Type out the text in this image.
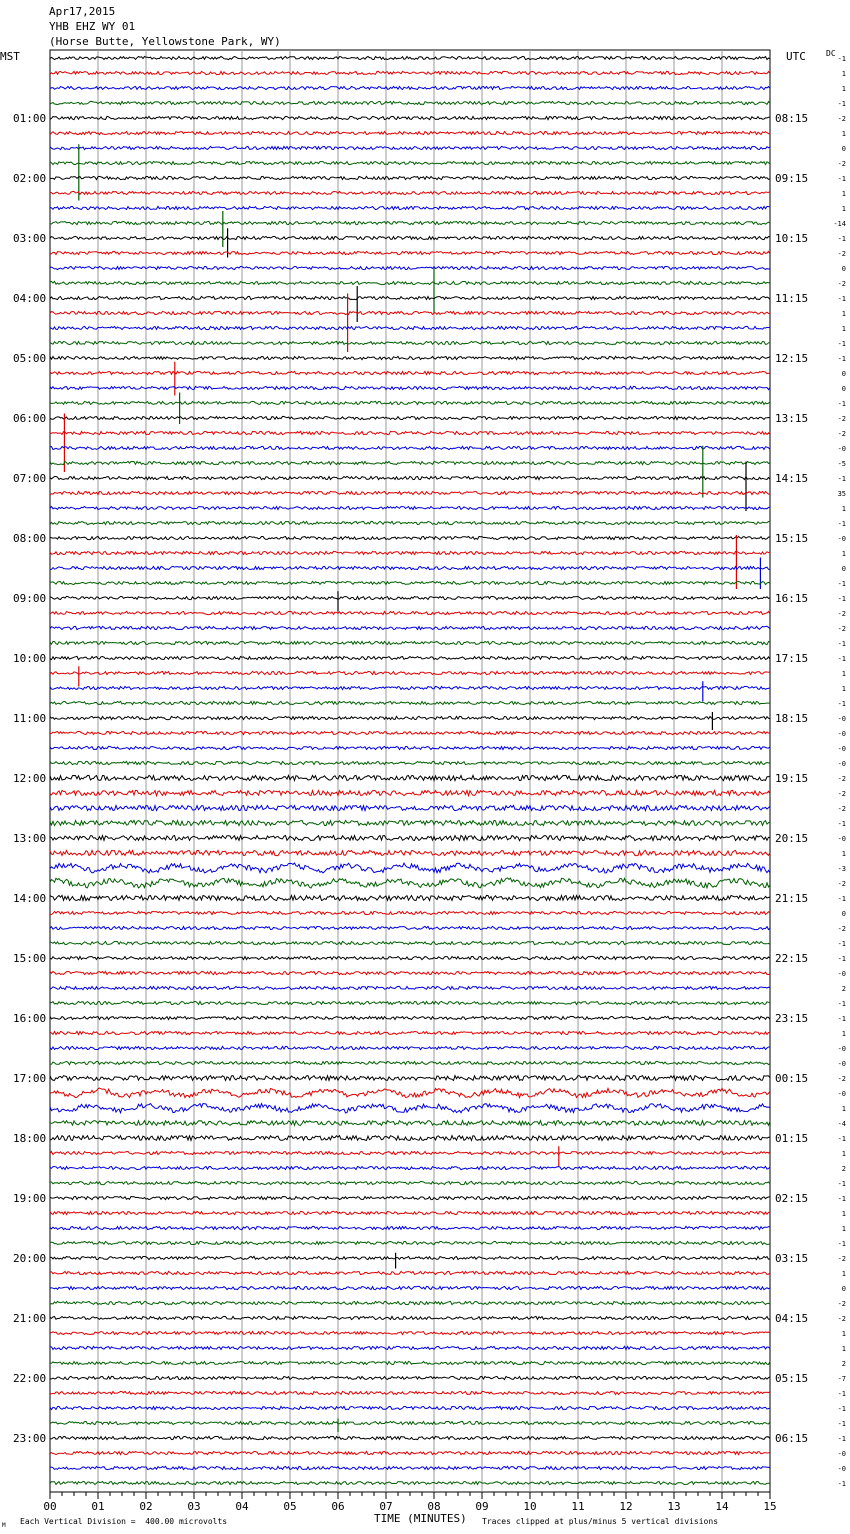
Apr17,2015
YHB EHZ WY 01
(Horse Butte, Yellowstone Park, WY)
MST	UTC	DC
01:00
02:00
03:00
04:00
05:00
06:00
07:00
08:00
09:00
10:00
11:00
12:00
13:00
14:00
15:00
16:00
17:00
18:00
19:00
20:00
21:00
22:00
23:00
08:15
09:15
10:15
11:15
12:15
13:15
14:15
15:15
16:15
17:15
18:15
19:15
20:15
21:15
22:15
23:15
00:15
01:15
02:15
03:15
04:15
05:15
06:15
-1
1
1
-1
-2
1
0
-2
-1
1
1
-14
-1
-2
0
-2
-1
1
1
-1
-1
0
0
-1
-2
-2
-0
-5
-1
35
1
-1
-0
1
0
-1
-1
-2
-2
-1
-1
1
1
-1
-0
-0
-0
-0
-2
-2
-2
-1
-0
1
-3
-2
-1
0
-2
-1
-1
-0
2
-1
-1
1
-0
-0
-2
-0
1
-4
-1
1
2
-1
-1
1
1
-1
-2
1
0
-2
-2
1
1
2
-7
-1
-1
-1
-1
-0
-0
-1
00	01	02	03	04	05	06	07	08	09	10	11	12	13	14	15
TIME (MINUTES)
Each Vertical Division =  400.00 microvolts	Traces clipped at plus/minus 5 vertical divisions
M
